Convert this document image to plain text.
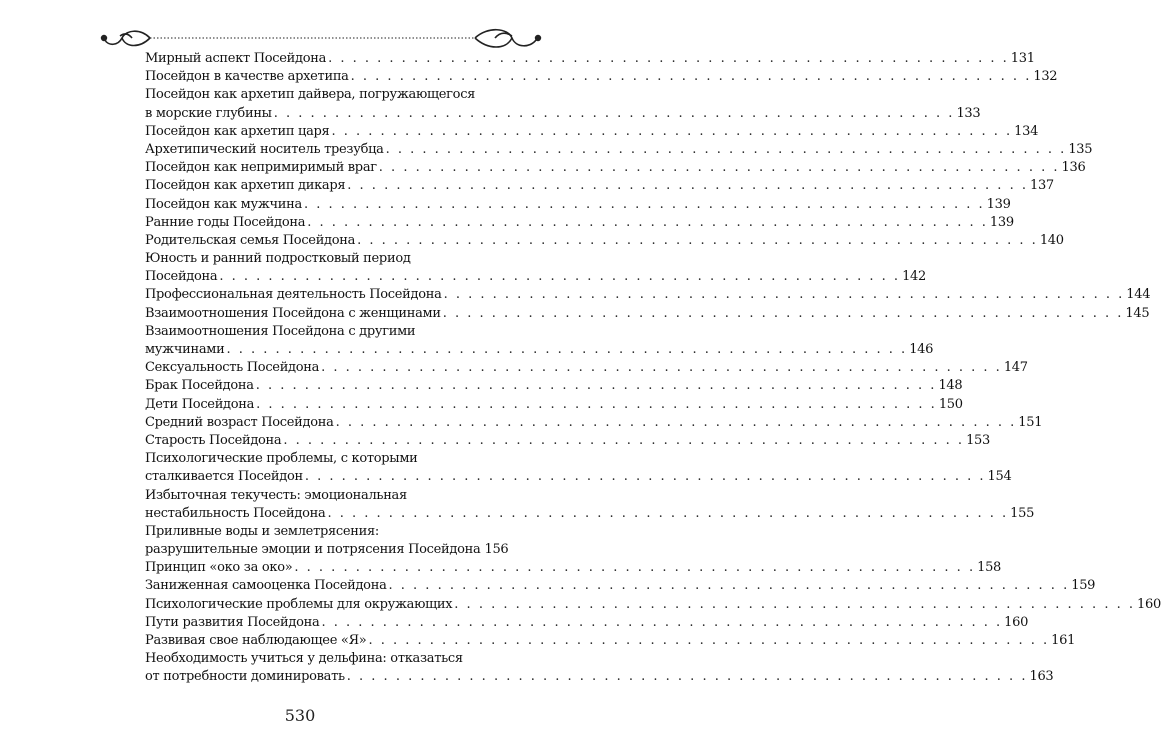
Мирный аспект Посейдона . . . . . . . . . . . . . . . . . . . . . . . . . . . . . . . . . . . . . . . . . . . . . . . . . . . . . . . . 131
Посейдон в качестве архетипа . . . . . . . . . . . . . . . . . . . . . . . . . . . . . . . . . . . . . . . . . . . . . . . . . . . . . . . . 132
Посейдон как архетип дайвера, погружающегося
в морские глубины . . . . . . . . . . . . . . . . . . . . . . . . . . . . . . . . . . . . . . . . . . . . . . . . . . . . . . . . 133
Посейдон как архетип царя . . . . . . . . . . . . . . . . . . . . . . . . . . . . . . . . . . . . . . . . . . . . . . . . . . . . . . . . 134
Архетипический носитель трезубца . . . . . . . . . . . . . . . . . . . . . . . . . . . . . . . . . . . . . . . . . . . . . . . . . . . . . . . . 135
Посейдон как непримиримый враг . . . . . . . . . . . . . . . . . . . . . . . . . . . . . . . . . . . . . . . . . . . . . . . . . . . . . . . . 136
Посейдон как архетип дикаря . . . . . . . . . . . . . . . . . . . . . . . . . . . . . . . . . . . . . . . . . . . . . . . . . . . . . . . . 137
Посейдон как мужчина . . . . . . . . . . . . . . . . . . . . . . . . . . . . . . . . . . . . . . . . . . . . . . . . . . . . . . . . 139
Ранние годы Посейдона . . . . . . . . . . . . . . . . . . . . . . . . . . . . . . . . . . . . . . . . . . . . . . . . . . . . . . . . 139
Родительская семья Посейдона . . . . . . . . . . . . . . . . . . . . . . . . . . . . . . . . . . . . . . . . . . . . . . . . . . . . . . . . 140
Юность и ранний подростковый период
Посейдона . . . . . . . . . . . . . . . . . . . . . . . . . . . . . . . . . . . . . . . . . . . . . . . . . . . . . . . . 142
Профессиональная деятельность Посейдона . . . . . . . . . . . . . . . . . . . . . . . . . . . . . . . . . . . . . . . . . . . . . . . . . . . . . . . . 144
Взаимоотношения Посейдона с женщинами . . . . . . . . . . . . . . . . . . . . . . . . . . . . . . . . . . . . . . . . . . . . . . . . . . . . . . . . 145
Взаимоотношения Посейдона с другими
мужчинами . . . . . . . . . . . . . . . . . . . . . . . . . . . . . . . . . . . . . . . . . . . . . . . . . . . . . . . . 146
Сексуальность Посейдона . . . . . . . . . . . . . . . . . . . . . . . . . . . . . . . . . . . . . . . . . . . . . . . . . . . . . . . . 147
Брак Посейдона . . . . . . . . . . . . . . . . . . . . . . . . . . . . . . . . . . . . . . . . . . . . . . . . . . . . . . . . 148
Дети Посейдона . . . . . . . . . . . . . . . . . . . . . . . . . . . . . . . . . . . . . . . . . . . . . . . . . . . . . . . . 150
Средний возраст Посейдона . . . . . . . . . . . . . . . . . . . . . . . . . . . . . . . . . . . . . . . . . . . . . . . . . . . . . . . . 151
Старость Посейдона . . . . . . . . . . . . . . . . . . . . . . . . . . . . . . . . . . . . . . . . . . . . . . . . . . . . . . . . 153
Психологические проблемы, с которыми
сталкивается Посейдон . . . . . . . . . . . . . . . . . . . . . . . . . . . . . . . . . . . . . . . . . . . . . . . . . . . . . . . . 154
Избыточная текучесть: эмоциональная
нестабильность Посейдона . . . . . . . . . . . . . . . . . . . . . . . . . . . . . . . . . . . . . . . . . . . . . . . . . . . . . . . . 155
Приливные воды и землетрясения:
разрушительные эмоции и потрясения Посейдона 156
Принцип «око за око» . . . . . . . . . . . . . . . . . . . . . . . . . . . . . . . . . . . . . . . . . . . . . . . . . . . . . . . . 158
Заниженная самооценка Посейдона . . . . . . . . . . . . . . . . . . . . . . . . . . . . . . . . . . . . . . . . . . . . . . . . . . . . . . . . 159
Психологические проблемы для окружающих . . . . . . . . . . . . . . . . . . . . . . . . . . . . . . . . . . . . . . . . . . . . . . . . . . . . . . . . 160
Пути развития Посейдона . . . . . . . . . . . . . . . . . . . . . . . . . . . . . . . . . . . . . . . . . . . . . . . . . . . . . . . . 160
Развивая свое наблюдающее «Я» . . . . . . . . . . . . . . . . . . . . . . . . . . . . . . . . . . . . . . . . . . . . . . . . . . . . . . . . 161
Необходимость учиться у дельфина: отказаться
от потребности доминировать . . . . . . . . . . . . . . . . . . . . . . . . . . . . . . . . . . . . . . . . . . . . . . . . . . . . . . . . 163
530
